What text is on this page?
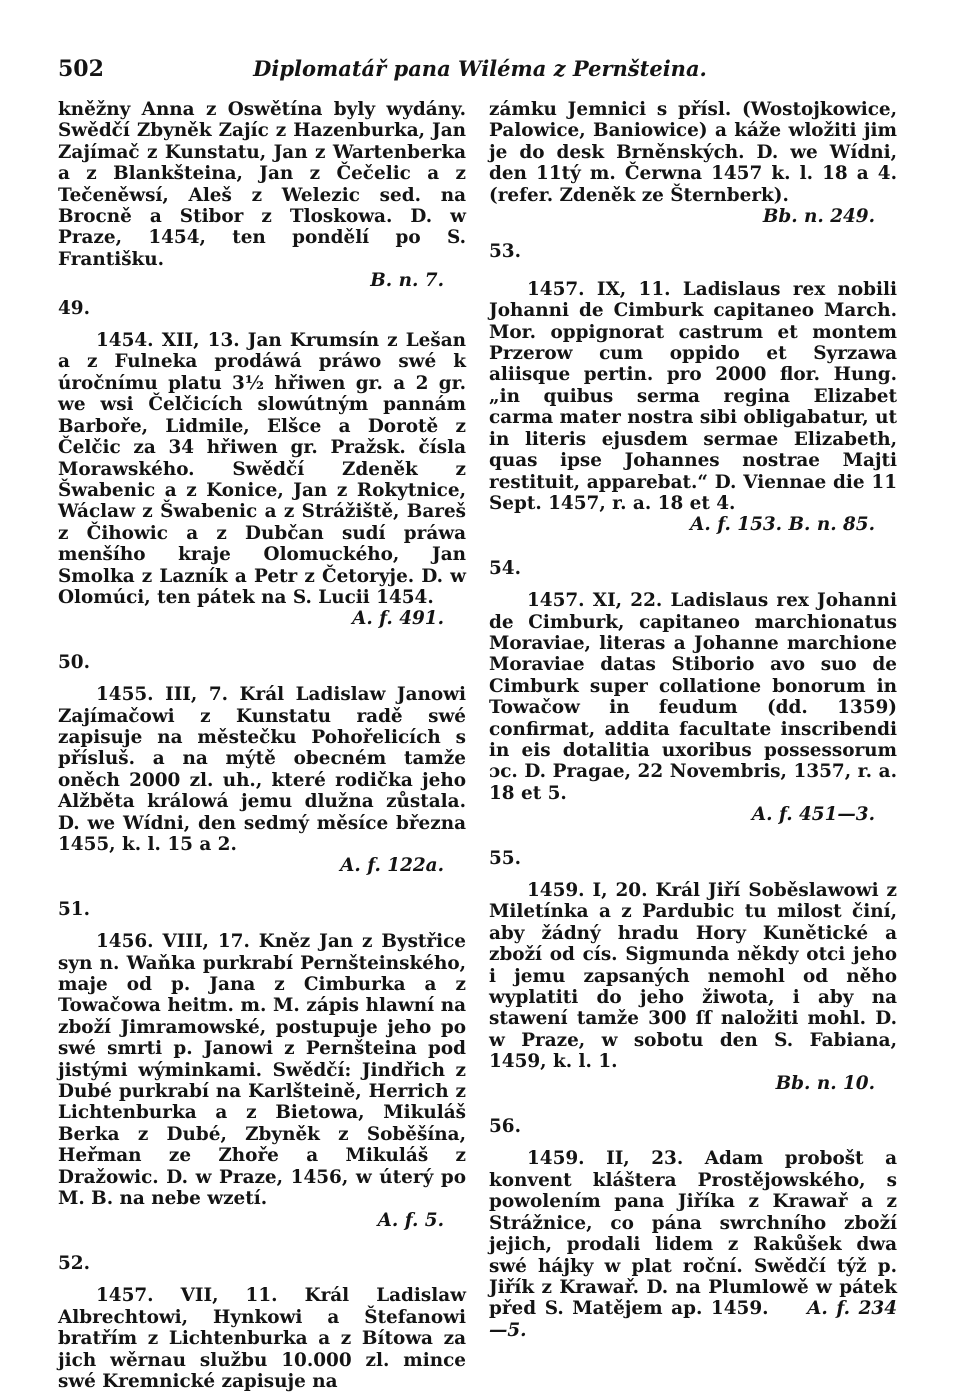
502	Diplomatář pana Wiléma z Pernšteina.

kněžny Anna z Oswětína byly wydány. Swědčí Zbyněk Zajíc z Hazenburka, Jan Zajímač z Kunstatu, Jan z Wartenberka a z Blankšteina, Jan z Čečelic a z Tečeněwsí, Aleš z Welezic sed. na Brocně a Stibor z Tloskowa. D. w Praze, 1454, ten pondělí po S. Františku.
B. n. 7.

49.

1454. XII, 13. Jan Krumsín z Lešan a z Fulneka prodáwá práwo swé k úročnímu platu 3½ hřiwen gr. a 2 gr. we wsi Čelčicích slowútným pannám Barboře, Lidmile, Elšce a Dorotě z Čelčic za 34 hřiwen gr. Pražsk. čísla Morawského. Swědčí Zdeněk z Šwabenic a z Konice, Jan z Rokytnice, Wáclaw z Šwabenic a z Strážiště, Bareš z Čihowic a z Dubčan sudí práwa menšího kraje Olomuckého, Jan Smolka z Lazník a Petr z Četoryje. D. w Olomúci, ten pátek na S. Lucii 1454.
A. f. 491.

50.

1455. III, 7. Král Ladislaw Janowi Zajímačowi z Kunstatu radě swé zapisuje na městečku Pohořelicích s přísluš. a na mýtě obecném tamže oněch 2000 zl. uh., které rodička jeho Alžběta králowá jemu dlužna zůstala. D. we Wídni, den sedmý měsíce března 1455, k. l. 15 a 2.
A. f. 122a.

51.

1456. VIII, 17. Kněz Jan z Bystřice syn n. Waňka purkrabí Pernšteinského, maje od p. Jana z Cimburka a z Towačowa heitm. m. M. zápis hlawní na zboží Jimramowské, postupuje jeho po swé smrti p. Janowi z Pernšteina pod jistými wýminkami. Swědčí: Jindřich z Dubé purkrabí na Karlšteině, Herrich z Lichtenburka a z Bietowa, Mikuláš Berka z Dubé, Zbyněk z Soběšína, Heřman ze Zhoře a Mikuláš z Dražowic. D. w Praze, 1456, w úterý po M. B. na nebe wzetí.
A. f. 5.

52.

1457. VII, 11. Král Ladislaw Albrechtowi, Hynkowi a Štefanowi bratřím z Lichtenburka a z Bítowa za jich wěrnau službu 10.000 zl. mince swé Kremnické zapisuje na

zámku Jemnici s přísl. (Wostojkowice, Palowice, Baniowice) a káže wložiti jim je do desk Brněnských. D. we Wídni, den 11tý m. Čerwna 1457 k. l. 18 a 4. (refer. Zdeněk ze Šternberk).
Bb. n. 249.

53.

1457. IX, 11. Ladislaus rex nobili Johanni de Cimburk capitaneo March. Mor. oppignorat castrum et montem Przerow cum oppido et Syrzawa aliisque pertin. pro 2000 flor. Hung. „in quibus serma regina Elizabet carma mater nostra sibi obligabatur, ut in literis ejusdem sermae Elizabeth, quas ipse Johannes nostrae Majti restituit, apparebat.“ D. Viennae die 11 Sept. 1457, r. a. 18 et 4.
A. f. 153. B. n. 85.

54.

1457. XI, 22. Ladislaus rex Johanni de Cimburk, capitaneo marchionatus Moraviae, literas a Johanne marchione Moraviae datas Stiborio avo suo de Cimburk super collatione bonorum in Towačow in feudum (dd. 1359) confirmat, addita facultate inscribendi in eis dotalitia uxoribus possessorum ɔc. D. Pragae, 22 Novembris, 1357, r. a. 18 et 5.
A. f. 451—3.

55.

1459. I, 20. Král Jiří Soběslawowi z Miletínka a z Pardubic tu milost činí, aby žádný hradu Hory Kunětické a zboží od cís. Sigmunda někdy otci jeho i jemu zapsaných nemohl od něho wyplatiti do jeho žiwota, i aby na stawení tamže 300 ſſ naložiti mohl. D. w Praze, w sobotu den S. Fabiana, 1459, k. l. 1.
Bb. n. 10.

56.

1459. II, 23. Adam probošt a konvent kláštera Prostějowského, s powolením pana Jiříka z Krawař a z Strážnice, co pána swrchního zboží jejich, prodali lidem z Rakůšek dwa swé hájky w plat roční. Swědčí týž p. Jiřík z Krawař. D. na Plumlowě w pátek před S. Matějem ap. 1459. A. f. 234—5.
